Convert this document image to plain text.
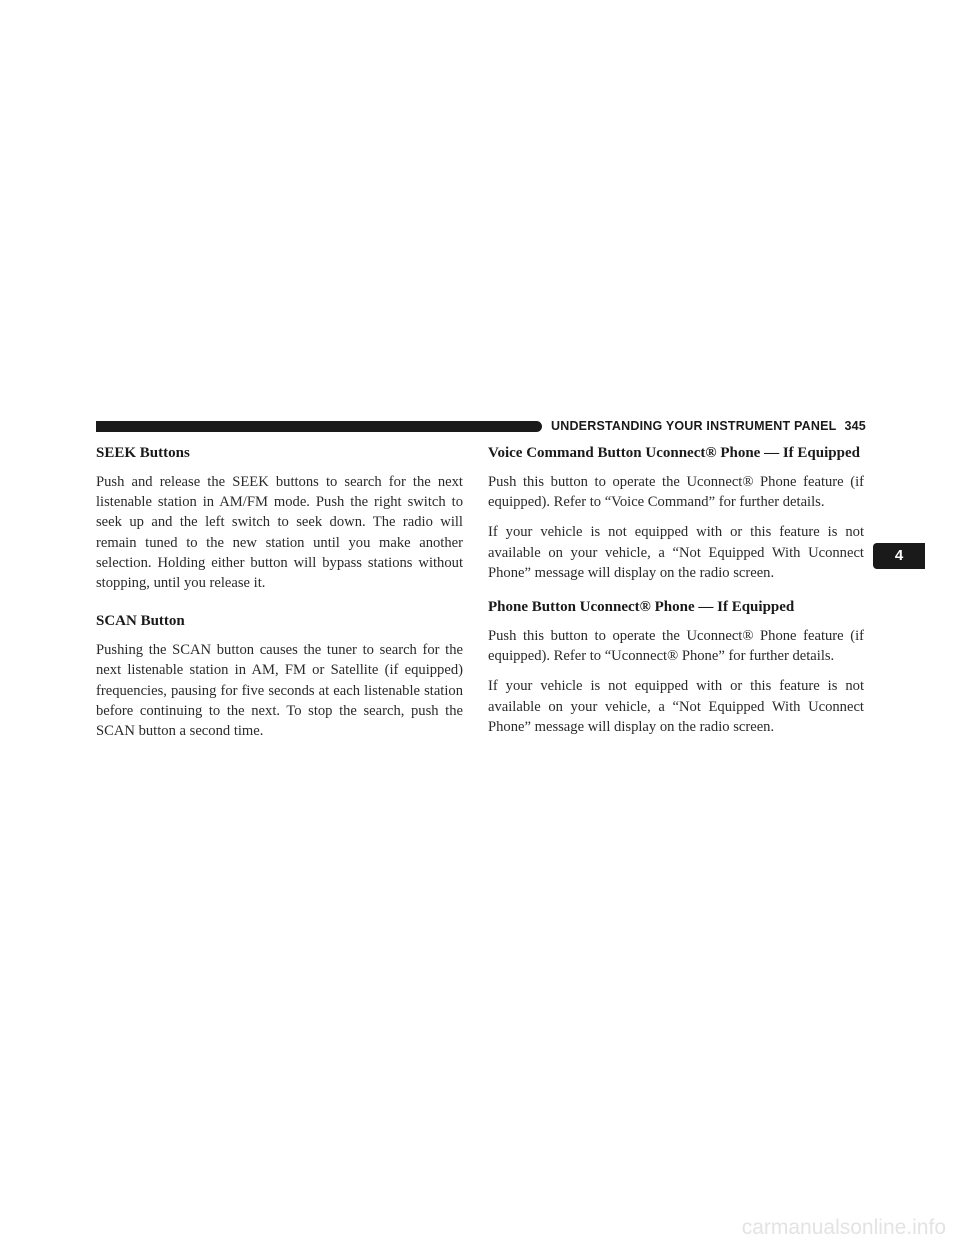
UNDERSTANDING YOUR INSTRUMENT PANEL 345
SEEK Buttons

Push and release the SEEK buttons to search for the next listenable station in AM/FM mode. Push the right switch to seek up and the left switch to seek down. The radio will remain tuned to the new station until you make another selection. Holding either button will bypass stations without stopping, until you release it.

SCAN Button

Pushing the SCAN button causes the tuner to search for the next listenable station in AM, FM or Satellite (if equipped) frequencies, pausing for five seconds at each listenable station before continuing to the next. To stop the search, push the SCAN button a second time.

Voice Command Button Uconnect® Phone — If Equipped

Push this button to operate the Uconnect® Phone feature (if equipped). Refer to “Voice Command” for further details.

If your vehicle is not equipped with or this feature is not available on your vehicle, a “Not Equipped With Uconnect Phone” message will display on the radio screen.

Phone Button Uconnect® Phone — If Equipped

Push this button to operate the Uconnect® Phone feature (if equipped). Refer to “Uconnect® Phone” for further details.

If your vehicle is not equipped with or this feature is not available on your vehicle, a “Not Equipped With Uconnect Phone” message will display on the radio screen.

4
carmanualsonline.info
